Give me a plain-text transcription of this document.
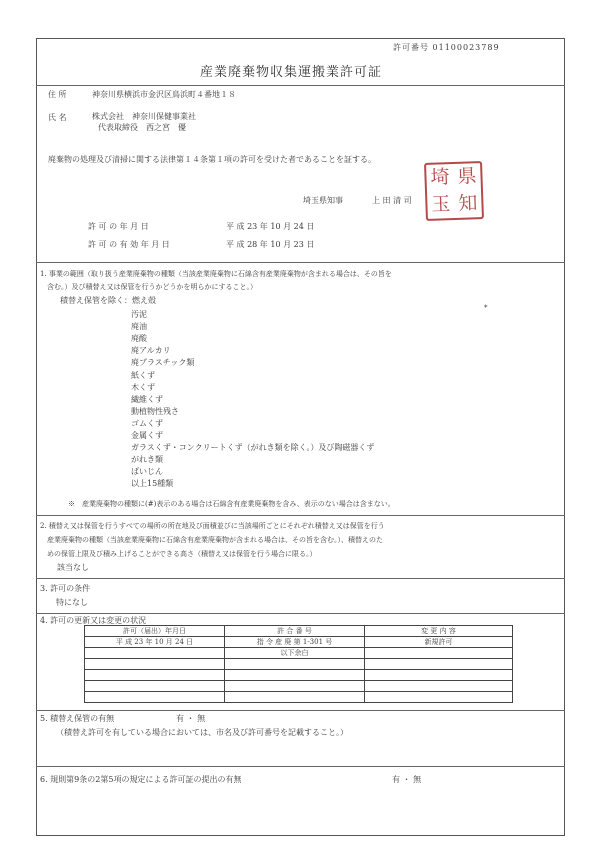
許可番号 01100023789
産業廃棄物収集運搬業許可証
住 所	神奈川県横浜市金沢区鳥浜町４番地１８
氏 名	株式会社　神奈川保健事業社
代表取締役　西之宮　優
廃棄物の処理及び清掃に関する法律第１４条第１項の許可を受けた者であることを証する。
埼玉県知事	上 田 清 司
埼 県
玉 知
許 可 の 年 月 日	平 成 23 年 10 月 24 日
許 可 の 有 効 年 月 日	平 成 28 年 10 月 23 日
1. 事業の範囲（取り扱う産業廃棄物の種類（当該産業廃棄物に石綿含有産業廃棄物が含まれる場合は、その旨を
含む。）及び積替え又は保管を行うかどうかを明らかにすること。）
積替え保管を除く：燃え殻
*
汚泥
廃油
廃酸
廃アルカリ
廃プラスチック類
紙くず
木くず
繊維くず
動植物性残さ
ゴムくず
金属くず
ガラスくず・コンクリートくず（がれき類を除く。）及び陶磁器くず
がれき類
ばいじん
以上15種類
※　産業廃棄物の種類に(#)表示のある場合は石綿含有産業廃棄物を含み、表示のない場合は含まない。
2. 積替え又は保管を行うすべての場所の所在地及び面積並びに当該場所ごとにそれぞれ積替え又は保管を行う
産業廃棄物の種類（当該産業廃棄物に石綿含有産業廃棄物が含まれる場合は、その旨を含む。）、積替えのた
めの保管上限及び積み上げることができる高さ（積替え又は保管を行う場合に限る。）
該当なし
3. 許可の条件
特になし
4. 許可の更新又は変更の状況
許可（届出）年月日	許 合 番 号	変 更 内 容
平 成 23 年 10 月 24 日	指 令 産 廃 第 1-301 号	新規許可
	以下余白	

5. 積替え保管の有無	有 ・ 無
（積替え許可を有している場合においては、市名及び許可番号を記載すること。）
6. 規則第9条の2第5項の規定による許可証の提出の有無	有 ・ 無
